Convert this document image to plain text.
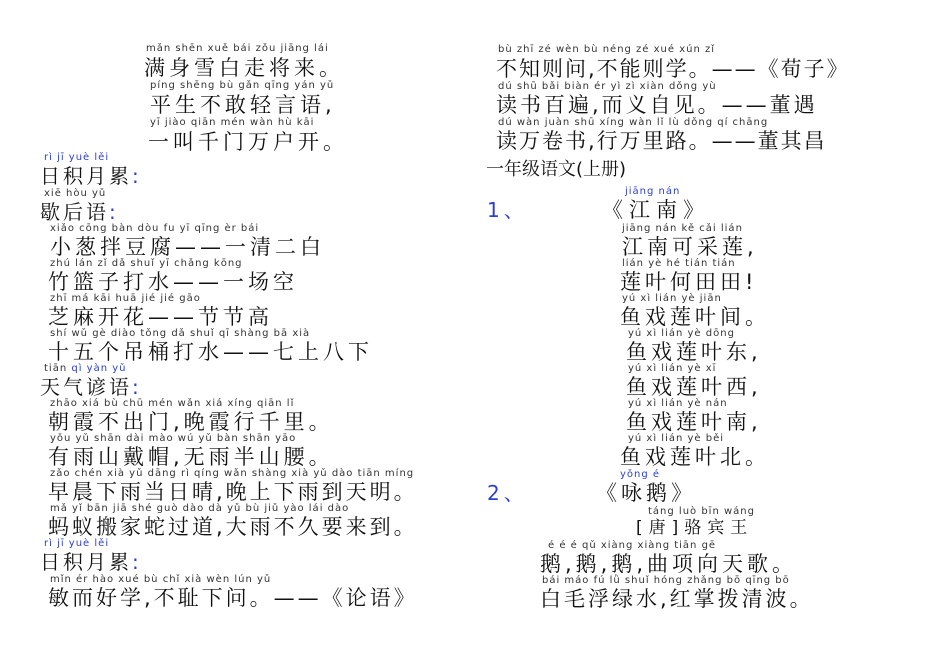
mǎn shēn xuě bái zǒu jiāng lái
满身雪白走将来。
píng shēng bù gǎn qīng yán yǔ
平生不敢轻言语,
yī jiào qiān mén wàn hù kāi
一叫千门万户开。
rì jī yuè lěi
日积月累:
xiē hòu yǔ
歇后语:
xiǎo cōng bàn dòu fu yī qīng èr bái
小葱拌豆腐——一清二白
zhú lán zǐ dǎ shuǐ yī chǎng kōng
竹篮子打水——一场空
zhī má kāi huā jié jié gāo
芝麻开花——节节高
shí wǔ gè diào tǒng dǎ shuǐ qī shàng bā xià
十五个吊桶打水——七上八下
tiān qì yàn yǔ
天气谚语:
zhāo xiá bù chū mén wǎn xiá xíng qiān lǐ
朝霞不出门,晚霞行千里。
yǒu yǔ shān dài mào wú yǔ bàn shān yāo
有雨山戴帽,无雨半山腰。
zǎo chén xià yǔ dāng rì qíng wǎn shàng xià yǔ dào tiān míng
早晨下雨当日晴,晚上下雨到天明。
mǎ yǐ bān jiā shé guò dào dà yǔ bù jiǔ yào lái dào
蚂蚁搬家蛇过道,大雨不久要来到。
rì jī yuè lěi
日积月累:
mǐn ér hào xué bù chǐ xià wèn lún yǔ
敏而好学,不耻下问。——《论语》
bù zhī zé wèn bù néng zé xué xún zǐ
不知则问,不能则学。——《荀子》
dú shū bǎi biàn ér yì zì xiàn dǒng yù
读书百遍,而义自见。——董遇
dú wàn juàn shū xíng wàn lǐ lù dǒng qí chāng
读万卷书,行万里路。——董其昌
一年级语文(上册)
jiāng nán
1、	《江南》
jiāng nán kě cǎi lián
江南可采莲,
lián yè hé tián tián
莲叶何田田!
yú xì lián yè jiān
鱼戏莲叶间。
yú xì lián yè dōng
鱼戏莲叶东,
yú xì lián yè xī
鱼戏莲叶西,
yú xì lián yè nán
鱼戏莲叶南,
yú xì lián yè běi
鱼戏莲叶北。
yǒng é
2、	《咏鹅》
táng luò bīn wáng
[唐]骆宾王
é é é qǔ xiàng xiàng tiān gē
鹅,鹅,鹅,曲项向天歌。
bái máo fú lǜ shuǐ hóng zhǎng bō qīng bō
白毛浮绿水,红掌拨清波。
